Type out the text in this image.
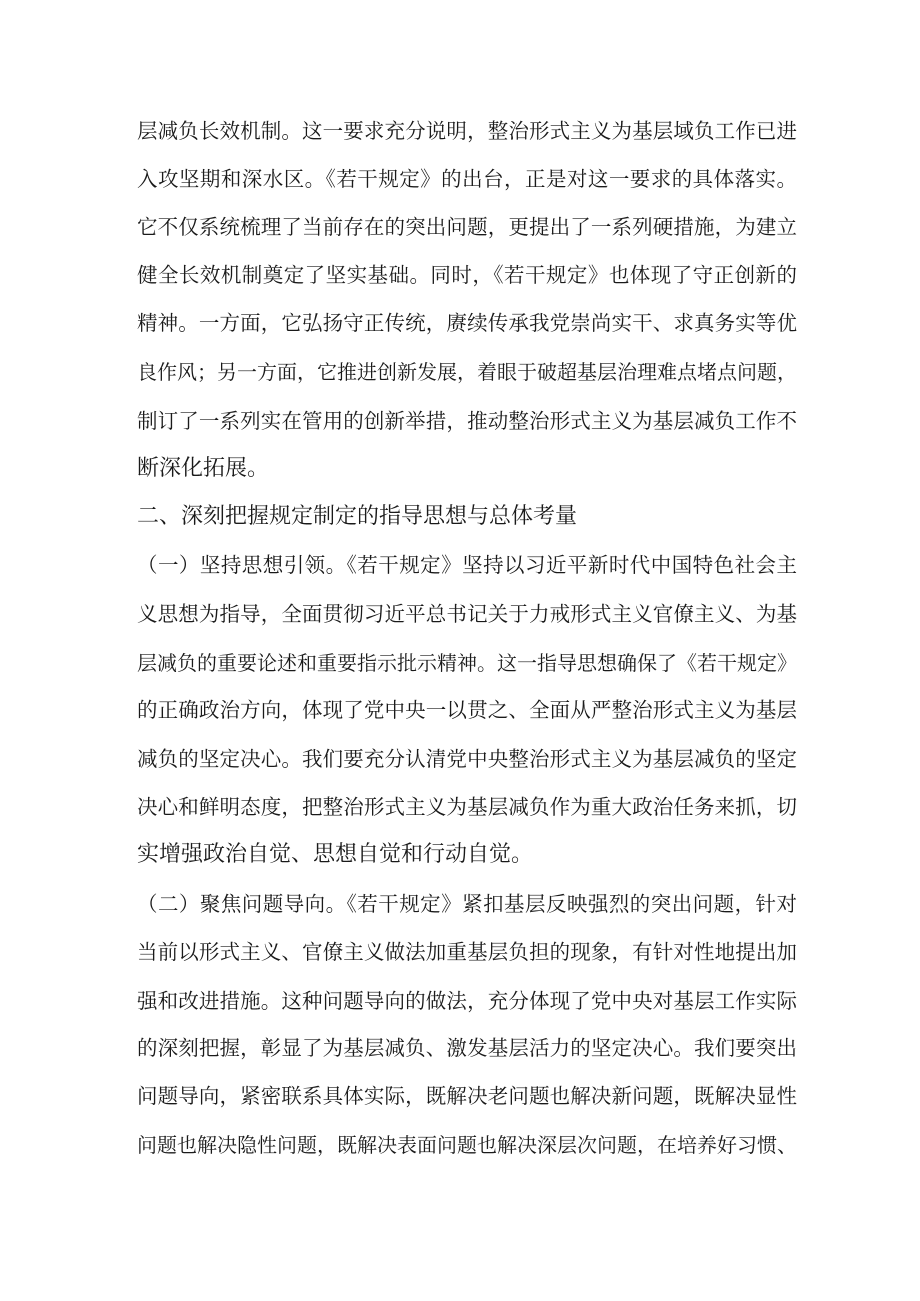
层减负长效机制。这一要求充分说明，整治形式主义为基层域负工作已进
入攻坚期和深水区。《若干规定》的出台，正是对这一要求的具体落实。
它不仅系统梳理了当前存在的突出问题，更提出了一系列硬措施，为建立
健全长效机制奠定了坚实基础。同时，《若干规定》也体现了守正创新的
精神。一方面，它弘扬守正传统，赓续传承我党崇尚实干、求真务实等优
良作风；另一方面，它推进创新发展，着眼于破超基层治理难点堵点问题，
制订了一系列实在管用的创新举措，推动整治形式主义为基层减负工作不
断深化拓展。
二、深刻把握规定制定的指导思想与总体考量
（一）坚持思想引领。《若干规定》坚持以习近平新时代中国特色社会主
义思想为指导，全面贯彻习近平总书记关于力戒形式主义官僚主义、为基
层减负的重要论述和重要指示批示精神。这一指导思想确保了《若干规定》
的正确政治方向，体现了党中央一以贯之、全面从严整治形式主义为基层
减负的坚定决心。我们要充分认清党中央整治形式主义为基层减负的坚定
决心和鲜明态度，把整治形式主义为基层减负作为重大政治任务来抓，切
实增强政治自觉、思想自觉和行动自觉。
（二）聚焦问题导向。《若干规定》紧扣基层反映强烈的突出问题，针对
当前以形式主义、官僚主义做法加重基层负担的现象，有针对性地提出加
强和改进措施。这种问题导向的做法，充分体现了党中央对基层工作实际
的深刻把握，彰显了为基层减负、激发基层活力的坚定决心。我们要突出
问题导向，紧密联系具体实际，既解决老问题也解决新问题，既解决显性
问题也解决隐性问题，既解决表面问题也解决深层次问题，在培养好习惯、
